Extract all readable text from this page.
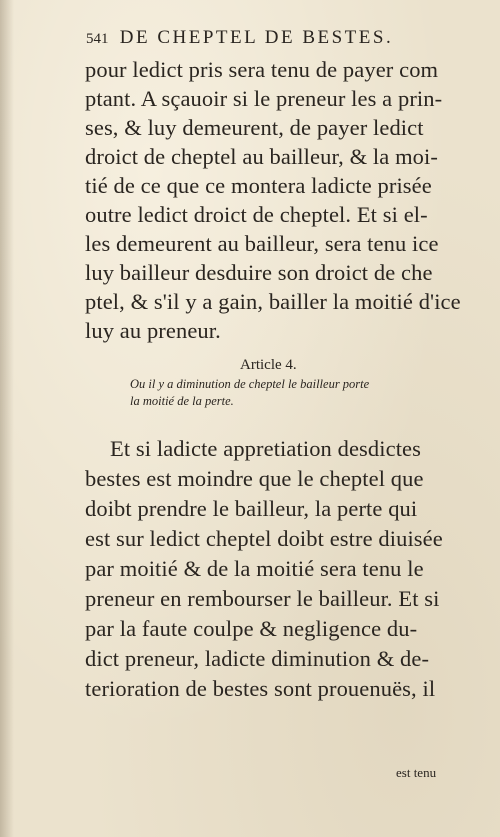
541 DE CHEPTEL DE BESTES.
pour ledict pris sera tenu de payer com
ptant. A sçauoir si le preneur les a prin-
ses, & luy demeurent, de payer ledict
droict de cheptel au bailleur, & la moi-
tié de ce que ce montera ladicte prisée
outre ledict droict de cheptel. Et si el-
les demeurent au bailleur, sera tenu ice
luy bailleur desduire son droict de che
ptel, & s'il y a gain, bailler la moitié d'ice
luy au preneur.
Article 4.
Ou il y a diminution de cheptel le bailleur porte
la moitié de la perte.
Et si ladicte appretiation desdictes
bestes est moindre que le cheptel que
doibt prendre le bailleur, la perte qui
est sur ledict cheptel doibt estre diuisée
par moitié & de la moitié sera tenu le
preneur en rembourser le bailleur. Et si
par la faute coulpe & negligence du-
dict preneur, ladicte diminution & de-
terioration de bestes sont prouenuës, il
est tenu
